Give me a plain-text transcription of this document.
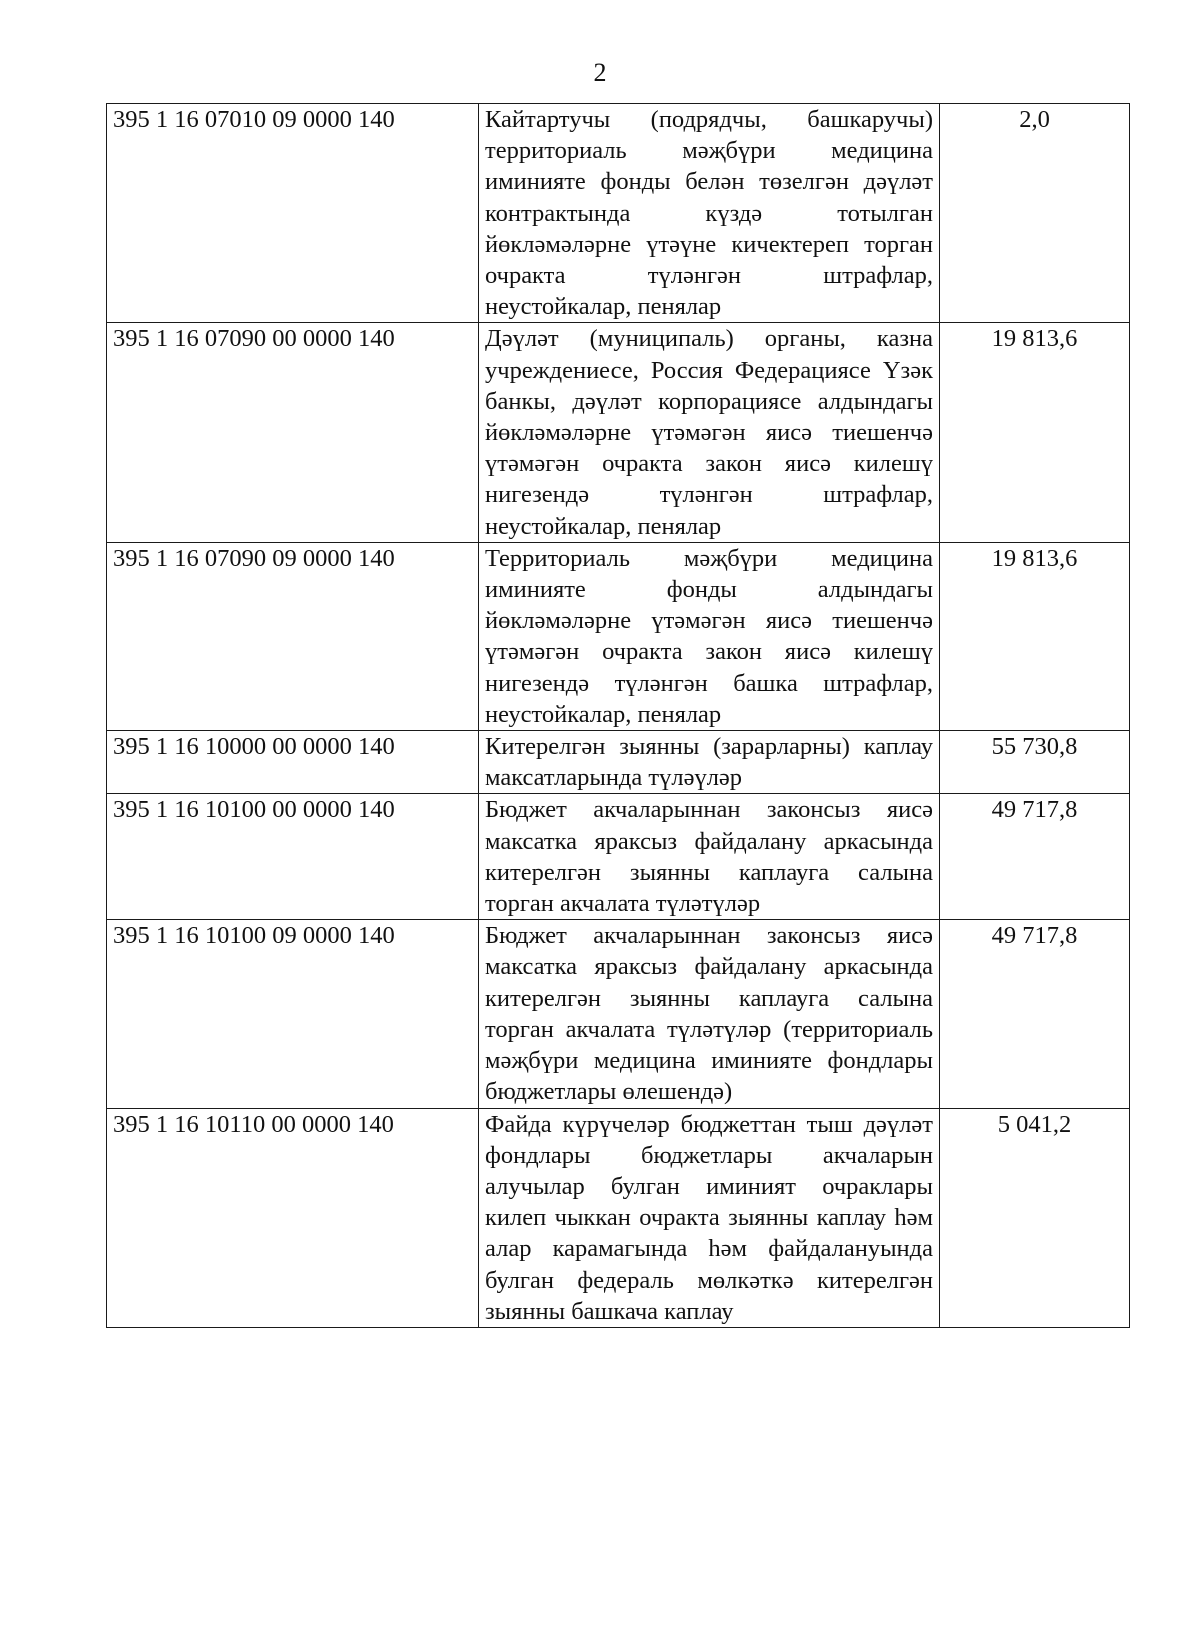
2
395 1 16 07010 09 0000 140	Кайтартучы (подрядчы, башкаручы) территориаль мәҗбүри медицина иминияте фонды белән төзелгән дәүләт контрактында күздә тотылган йөкләмәләрне үтәүне кичектереп торган очракта түләнгән штрафлар, неустойкалар, пенялар	2,0
395 1 16 07090 00 0000 140	Дәүләт (муниципаль) органы, казна учреждениесе, Россия Федерациясе Үзәк банкы, дәүләт корпорациясе алдындагы йөкләмәләрне үтәмәгән яисә тиешенчә үтәмәгән очракта закон яисә килешү нигезендә түләнгән штрафлар, неустойкалар, пенялар	19 813,6
395 1 16 07090 09 0000 140	Территориаль мәҗбүри медицина иминияте фонды алдындагы йөкләмәләрне үтәмәгән яисә тиешенчә үтәмәгән очракта закон яисә килешү нигезендә түләнгән башка штрафлар, неустойкалар, пенялар	19 813,6
395 1 16 10000 00 0000 140	Китерелгән зыянны (зарарларны) каплау максатларында түләүләр	55 730,8
395 1 16 10100 00 0000 140	Бюджет акчаларыннан законсыз яисә максатка яраксыз файдалану аркасында китерелгән зыянны каплауга салына торган акчалата түләтүләр	49 717,8
395 1 16 10100 09 0000 140	Бюджет акчаларыннан законсыз яисә максатка яраксыз файдалану аркасында китерелгән зыянны каплауга салына торган акчалата түләтүләр (территориаль мәҗбүри медицина иминияте фондлары бюджетлары өлешендә)	49 717,8
395 1 16 10110 00 0000 140	Файда күрүчеләр бюджеттан тыш дәүләт фондлары бюджетлары акчаларын алучылар булган иминият очраклары килеп чыккан очракта зыянны каплау һәм алар карамагында һәм файдалануында булган федераль мөлкәткә китерелгән зыянны башкача каплау	5 041,2
